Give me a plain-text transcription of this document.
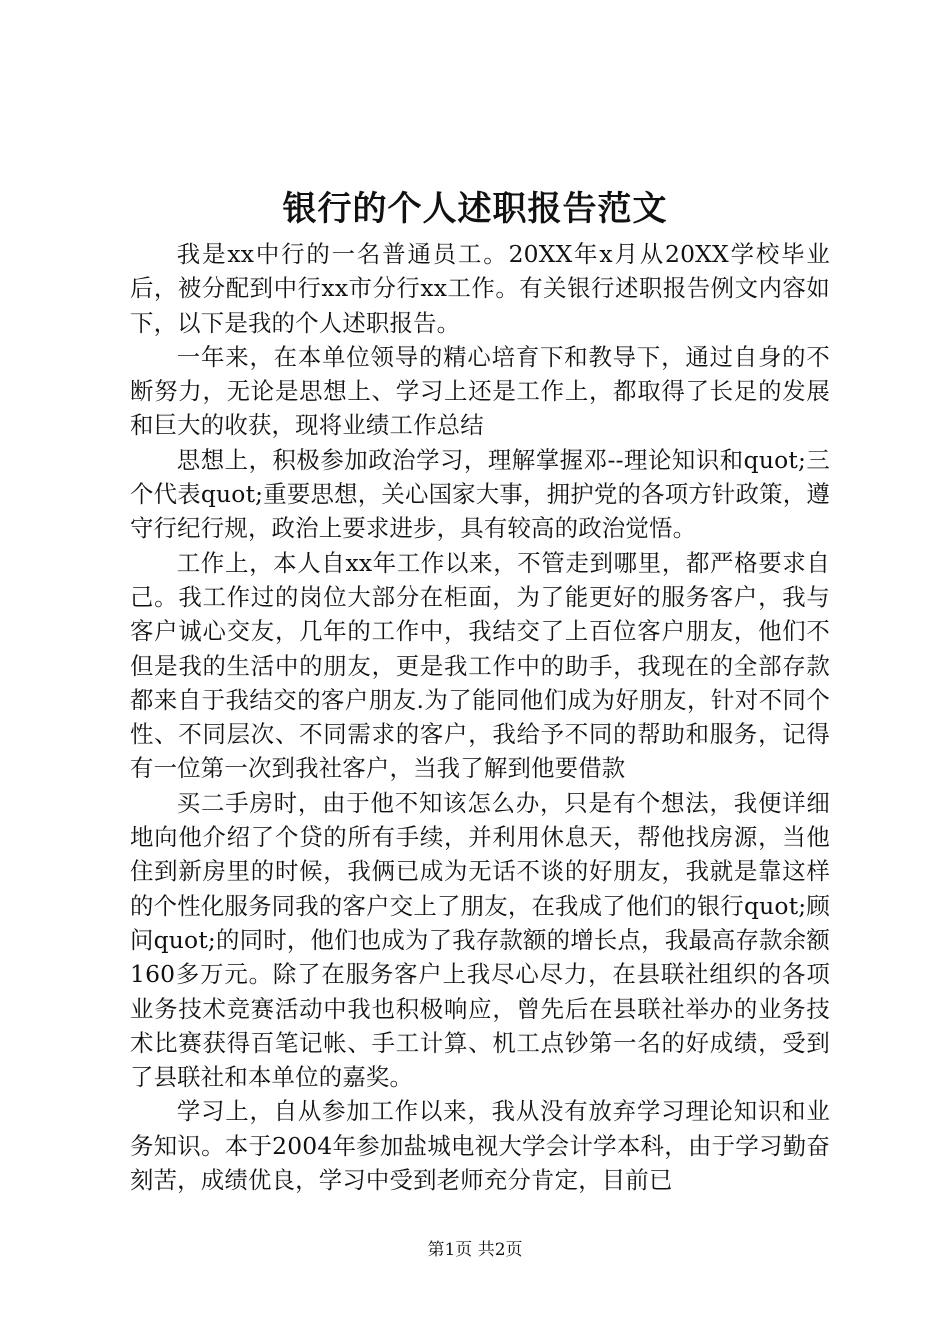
银行的个人述职报告范文

我是xx中行的一名普通员工。20XX年x月从20XX学校毕业后，被分配到中行xx市分行xx工作。有关银行述职报告例文内容如下，以下是我的个人述职报告。

一年来，在本单位领导的精心培育下和教导下，通过自身的不断努力，无论是思想上、学习上还是工作上，都取得了长足的发展和巨大的收获，现将业绩工作总结

思想上，积极参加政治学习，理解掌握邓--理论知识和quot;三个代表quot;重要思想，关心国家大事，拥护党的各项方针政策，遵守行纪行规，政治上要求进步，具有较高的政治觉悟。

工作上，本人自xx年工作以来，不管走到哪里，都严格要求自己。我工作过的岗位大部分在柜面，为了能更好的服务客户，我与客户诚心交友，几年的工作中，我结交了上百位客户朋友，他们不但是我的生活中的朋友，更是我工作中的助手，我现在的全部存款都来自于我结交的客户朋友.为了能同他们成为好朋友，针对不同个性、不同层次、不同需求的客户，我给予不同的帮助和服务，记得有一位第一次到我社客户，当我了解到他要借款

买二手房时，由于他不知该怎么办，只是有个想法，我便详细地向他介绍了个贷的所有手续，并利用休息天，帮他找房源，当他住到新房里的时候，我俩已成为无话不谈的好朋友，我就是靠这样的个性化服务同我的客户交上了朋友，在我成了他们的银行quot;顾问quot;的同时，他们也成为了我存款额的增长点，我最高存款余额160多万元。除了在服务客户上我尽心尽力，在县联社组织的各项业务技术竞赛活动中我也积极响应，曾先后在县联社举办的业务技术比赛获得百笔记帐、手工计算、机工点钞第一名的好成绩，受到了县联社和本单位的嘉奖。

学习上，自从参加工作以来，我从没有放弃学习理论知识和业务知识。本于2004年参加盐城电视大学会计学本科，由于学习勤奋刻苦，成绩优良，学习中受到老师充分肯定，目前已

第1页 共2页
